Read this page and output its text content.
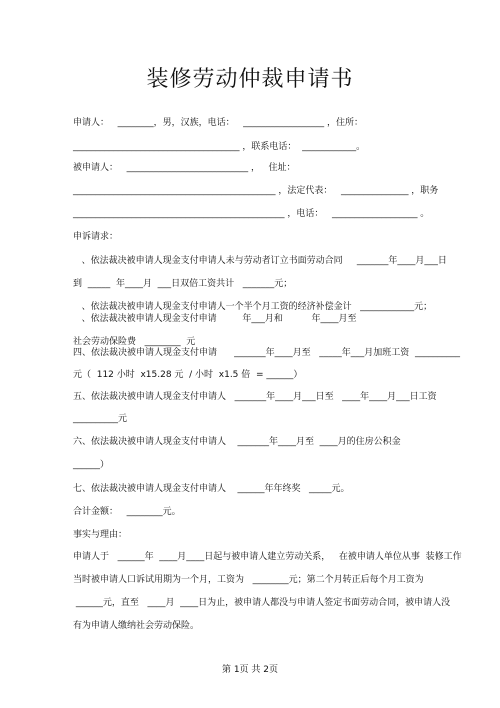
装修劳动仲裁申请书
申请人：   ________，男，汉族，电话：   __________________ ，住所：
_____________________________________ ，联系电话：  ____________。
被申请人：   ___________________________ ，   住址：
_____________________________________________ ，法定代表：   _______________ ，职务
_______________________________________________ ，电话：   ___________________ 。
申诉请求：
、依法裁决被申请人现金支付申请人未与劳动者订立书面劳动合同     _______年____月___日
到  _____  年____月  ___日双倍工资共计   _______元；
、依法裁决被申请人现金支付申请人一个半个月工资的经济补偿金计   ____________元；
、依法裁决被申请人现金支付申请         年___月和          年____月至
社会劳动保险费   ________  元
四、依法裁决被申请人现金支付申请      _______年____月至   _____年___月加班工资  __________
元（  112 小时  x15.28 元  / 小时  x1.5 倍  = ______）
五、依法裁决被申请人现金支付申请人   _______年____月___日至   ____年____月___日工资
__________元
六、依法裁决被申请人现金支付申请人    _______年____月至  ____月的住房公积金
______）
七、依法裁决被申请人现金支付申请人    ______年年终奖   _____元。
合计金额：   ________元。
事实与理由：
申请人于   ______年  ____月____日起与被申请人建立劳动关系，   在被申请人单位从事  装修工作
当时被申请人口诉试用期为一个月，工资为   ________元；第二个月转正后每个月工资为
______元，直至   ____月  ____日为止，被申请人都没与申请人签定书面劳动合同，被申请人没
有为申请人缴纳社会劳动保险。
第 1页 共 2页
